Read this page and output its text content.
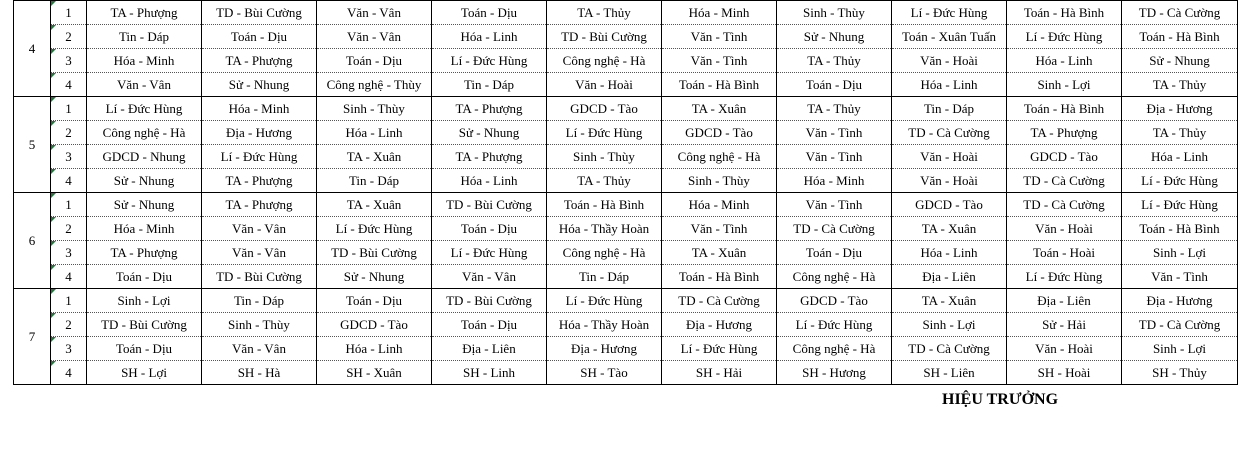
4	1	TA - Phượng	TD - Bùi Cường	Văn - Vân	Toán - Dịu	TA - Thủy	Hóa - Minh	Sinh - Thùy	Lí - Đức Hùng	Toán - Hà Bình	TD - Cà Cường

2	Tin - Dáp	Toán - Dịu	Văn - Vân	Hóa - Linh	TD - Bùi Cường	Văn - Tình	Sử - Nhung	Toán - Xuân Tuấn	Lí - Đức Hùng	Toán - Hà Bình

3	Hóa - Minh	TA - Phượng	Toán - Dịu	Lí - Đức Hùng	Công nghệ - Hà	Văn - Tình	TA - Thủy	Văn - Hoài	Hóa - Linh	Sử - Nhung

4	Văn - Vân	Sử - Nhung	Công nghệ - Thùy	Tin - Dáp	Văn - Hoài	Toán - Hà Bình	Toán - Dịu	Hóa - Linh	Sinh - Lợi	TA - Thủy
5	1	Lí - Đức Hùng	Hóa - Minh	Sinh - Thùy	TA - Phượng	GDCD - Tào	TA - Xuân	TA - Thủy	Tin - Dáp	Toán - Hà Bình	Địa - Hương

2	Công nghệ - Hà	Địa - Hương	Hóa - Linh	Sử - Nhung	Lí - Đức Hùng	GDCD - Tào	Văn - Tình	TD - Cà Cường	TA - Phượng	TA - Thủy

3	GDCD - Nhung	Lí - Đức Hùng	TA - Xuân	TA - Phượng	Sinh - Thùy	Công nghệ - Hà	Văn - Tình	Văn - Hoài	GDCD - Tào	Hóa - Linh

4	Sử - Nhung	TA - Phượng	Tin - Dáp	Hóa - Linh	TA - Thủy	Sinh - Thùy	Hóa - Minh	Văn - Hoài	TD - Cà Cường	Lí - Đức Hùng
6	1	Sử - Nhung	TA - Phượng	TA - Xuân	TD - Bùi Cường	Toán - Hà Bình	Hóa - Minh	Văn - Tình	GDCD - Tào	TD - Cà Cường	Lí - Đức Hùng

2	Hóa - Minh	Văn - Vân	Lí - Đức Hùng	Toán - Dịu	Hóa - Thầy Hoàn	Văn - Tình	TD - Cà Cường	TA - Xuân	Văn - Hoài	Toán - Hà Bình

3	TA - Phượng	Văn - Vân	TD - Bùi Cường	Lí - Đức Hùng	Công nghệ - Hà	TA - Xuân	Toán - Dịu	Hóa - Linh	Toán - Hoài	Sinh - Lợi

4	Toán - Dịu	TD - Bùi Cường	Sử - Nhung	Văn - Vân	Tin - Dáp	Toán - Hà Bình	Công nghệ - Hà	Địa - Liên	Lí - Đức Hùng	Văn - Tình
7	1	Sinh - Lợi	Tin - Dáp	Toán - Dịu	TD - Bùi Cường	Lí - Đức Hùng	TD - Cà Cường	GDCD - Tào	TA - Xuân	Địa - Liên	Địa - Hương

2	TD - Bùi Cường	Sinh - Thùy	GDCD - Tào	Toán - Dịu	Hóa - Thầy Hoàn	Địa - Hương	Lí - Đức Hùng	Sinh - Lợi	Sử - Hải	TD - Cà Cường

3	Toán - Dịu	Văn - Vân	Hóa - Linh	Địa - Liên	Địa - Hương	Lí - Đức Hùng	Công nghệ - Hà	TD - Cà Cường	Văn - Hoài	Sinh - Lợi

4	SH - Lợi	SH - Hà	SH - Xuân	SH - Linh	SH - Tào	SH - Hải	SH - Hương	SH - Liên	SH - Hoài	SH - Thủy
HIỆU TRƯỞNG
